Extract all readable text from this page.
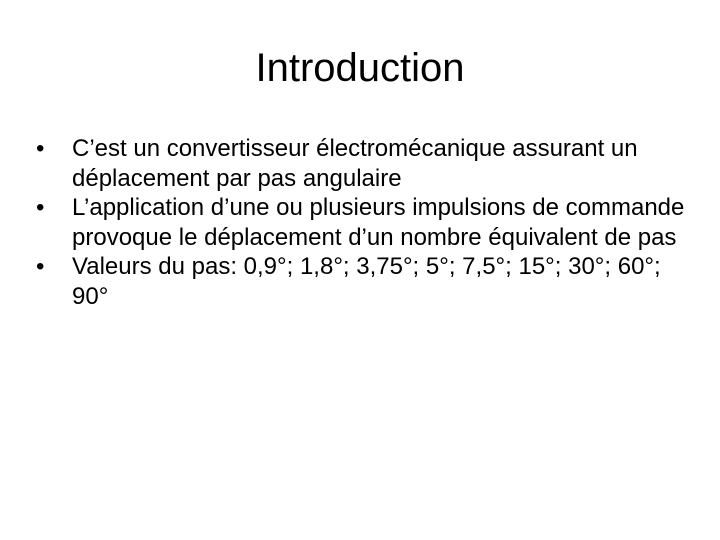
Introduction
•	C’est un convertisseur électromécanique assurant un déplacement par pas angulaire
•	L’application d’une ou plusieurs impulsions de commande provoque le déplacement d’un nombre équivalent de pas
•	Valeurs du pas: 0,9°; 1,8°; 3,75°; 5°; 7,5°; 15°; 30°; 60°; 90°
